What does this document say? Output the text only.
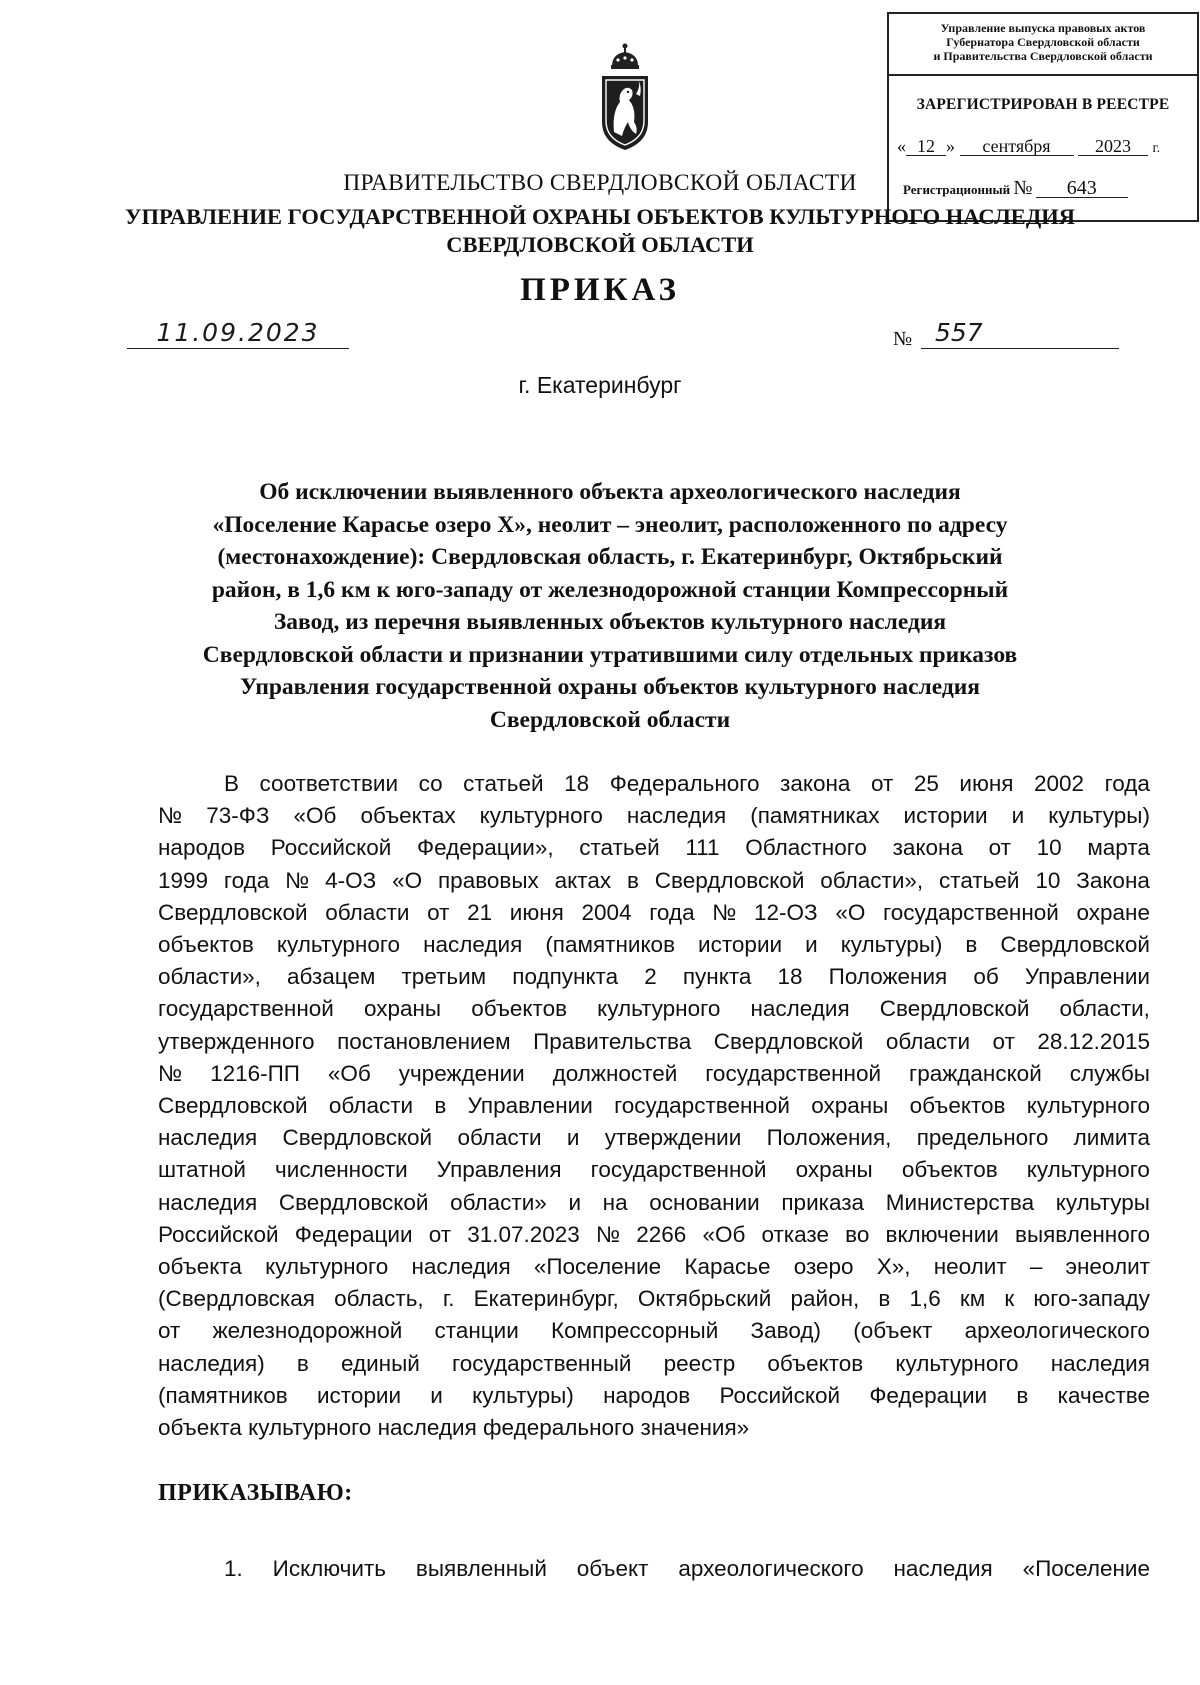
Управление выпуска правовых актов
Губернатора Свердловской области
и Правительства Свердловской области
ЗАРЕГИСТРИРОВАН В РЕЕСТРЕ
« 12 » сентября 2023 г.
Регистрационный № 643
ПРАВИТЕЛЬСТВО СВЕРДЛОВСКОЙ ОБЛАСТИ
УПРАВЛЕНИЕ ГОСУДАРСТВЕННОЙ ОХРАНЫ ОБЪЕКТОВ КУЛЬТУРНОГО НАСЛЕДИЯ
СВЕРДЛОВСКОЙ ОБЛАСТИ
ПРИКАЗ
11.09.2023	№ 557
г. Екатеринбург
Об исключении выявленного объекта археологического наследия
«Поселение Карасье озеро Х», неолит – энеолит, расположенного по адресу
(местонахождение): Свердловская область, г. Екатеринбург, Октябрьский
район, в 1,6 км к юго-западу от железнодорожной станции Компрессорный
Завод, из перечня выявленных объектов культурного наследия
Свердловской области и признании утратившими силу отдельных приказов
Управления государственной охраны объектов культурного наследия
Свердловской области
В соответствии со статьей 18 Федерального закона от 25 июня 2002 года
№ 73-ФЗ «Об объектах культурного наследия (памятниках истории и культуры)
народов Российской Федерации», статьей 111 Областного закона от 10 марта
1999 года № 4-ОЗ «О правовых актах в Свердловской области», статьей 10 Закона
Свердловской области от 21 июня 2004 года № 12-ОЗ «О государственной охране
объектов культурного наследия (памятников истории и культуры) в Свердловской
области», абзацем третьим подпункта 2 пункта 18 Положения об Управлении
государственной охраны объектов культурного наследия Свердловской области,
утвержденного постановлением Правительства Свердловской области от 28.12.2015
№ 1216-ПП «Об учреждении должностей государственной гражданской службы
Свердловской области в Управлении государственной охраны объектов культурного
наследия Свердловской области и утверждении Положения, предельного лимита
штатной численности Управления государственной охраны объектов культурного
наследия Свердловской области» и на основании приказа Министерства культуры
Российской Федерации от 31.07.2023 № 2266 «Об отказе во включении выявленного
объекта культурного наследия «Поселение Карасье озеро Х», неолит – энеолит
(Свердловская область, г. Екатеринбург, Октябрьский район, в 1,6 км к юго-западу
от железнодорожной станции Компрессорный Завод) (объект археологического
наследия) в единый государственный реестр объектов культурного наследия
(памятников истории и культуры) народов Российской Федерации в качестве
объекта культурного наследия федерального значения»
ПРИКАЗЫВАЮ:
1. Исключить выявленный объект археологического наследия «Поселение
